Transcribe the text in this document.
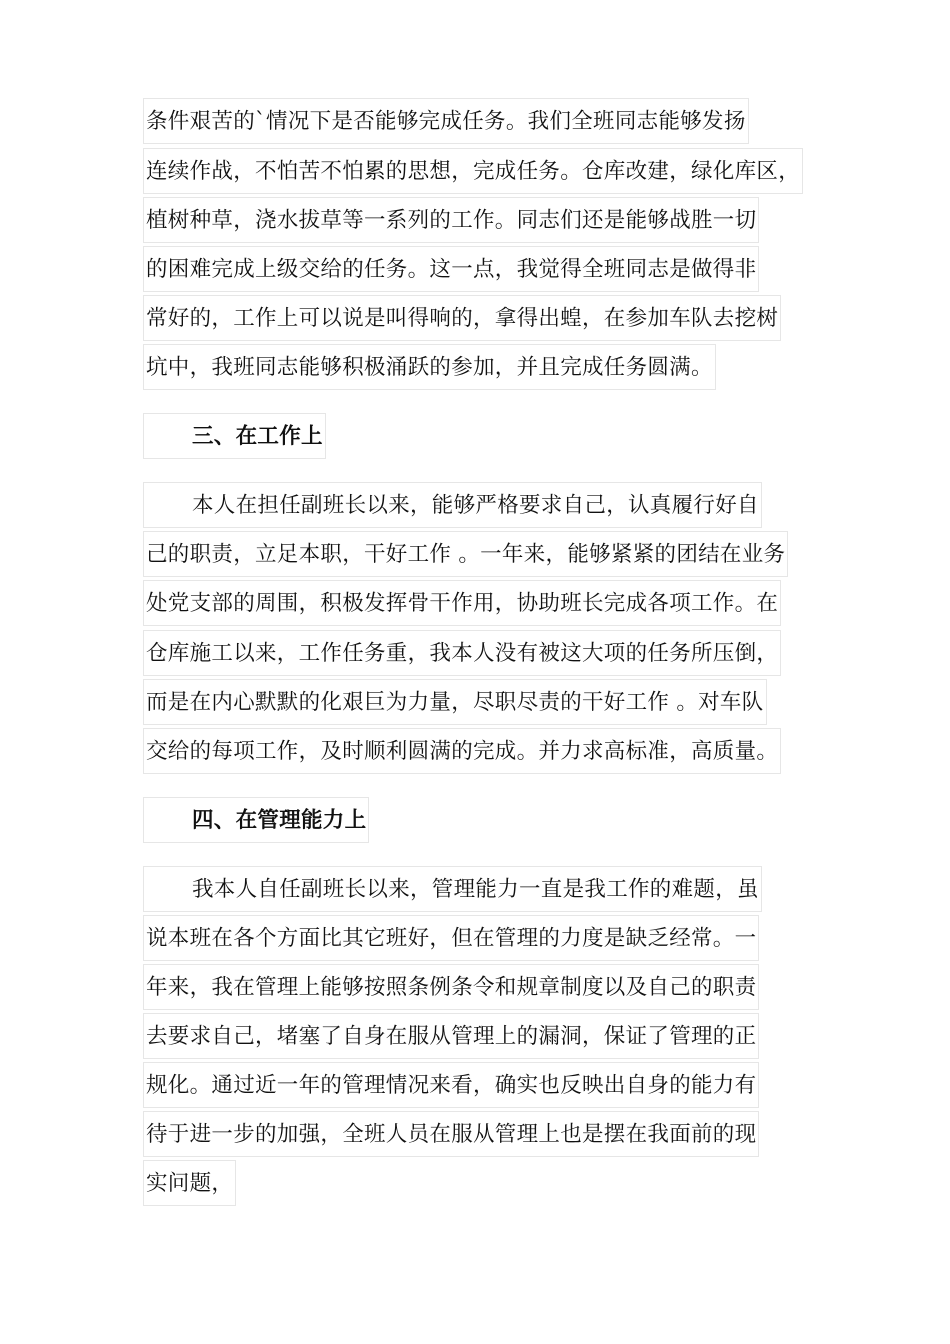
条件艰苦的`情况下是否能够完成任务。我们全班同志能够发扬
连续作战，不怕苦不怕累的思想，完成任务。仓库改建，绿化库区，
植树种草，浇水拔草等一系列的工作。同志们还是能够战胜一切
的困难完成上级交给的任务。这一点，我觉得全班同志是做得非
常好的，工作上可以说是叫得响的，拿得出蝗，在参加车队去挖树
坑中，我班同志能够积极涌跃的参加，并且完成任务圆满。
三、在工作上
本人在担任副班长以来，能够严格要求自己，认真履行好自
己的职责，立足本职，干好工作 。一年来，能够紧紧的团结在业务
处党支部的周围，积极发挥骨干作用，协助班长完成各项工作。在
仓库施工以来，工作任务重，我本人没有被这大项的任务所压倒，
而是在内心默默的化艰巨为力量，尽职尽责的干好工作 。对车队
交给的每项工作，及时顺利圆满的完成。并力求高标准，高质量。
四、在管理能力上
我本人自任副班长以来，管理能力一直是我工作的难题，虽
说本班在各个方面比其它班好，但在管理的力度是缺乏经常。一
年来，我在管理上能够按照条例条令和规章制度以及自己的职责
去要求自己，堵塞了自身在服从管理上的漏洞，保证了管理的正
规化。通过近一年的管理情况来看，确实也反映出自身的能力有
待于进一步的加强，全班人员在服从管理上也是摆在我面前的现
实问题，
